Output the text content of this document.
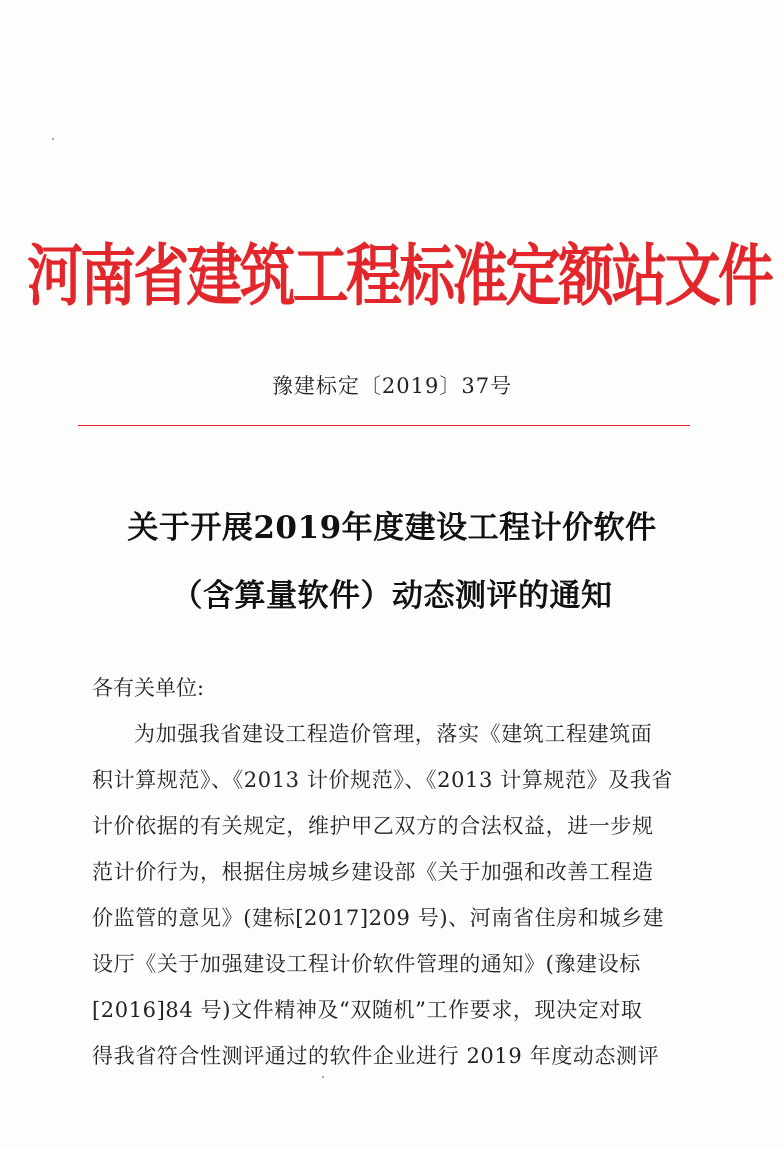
河南省建筑工程标准定额站文件
豫建标定〔2019〕37号
关于开展2019年度建设工程计价软件
（含算量软件）动态测评的通知
各有关单位:
为加强我省建设工程造价管理，落实《建筑工程建筑面
积计算规范》、《2013 计价规范》、《2013 计算规范》及我省
计价依据的有关规定，维护甲乙双方的合法权益，进一步规
范计价行为，根据住房城乡建设部《关于加强和改善工程造
价监管的意见》(建标[2017]209 号)、河南省住房和城乡建
设厅《关于加强建设工程计价软件管理的通知》(豫建设标
[2016]84 号)文件精神及“双随机”工作要求，现决定对取
得我省符合性测评通过的软件企业进行 2019 年度动态测评
